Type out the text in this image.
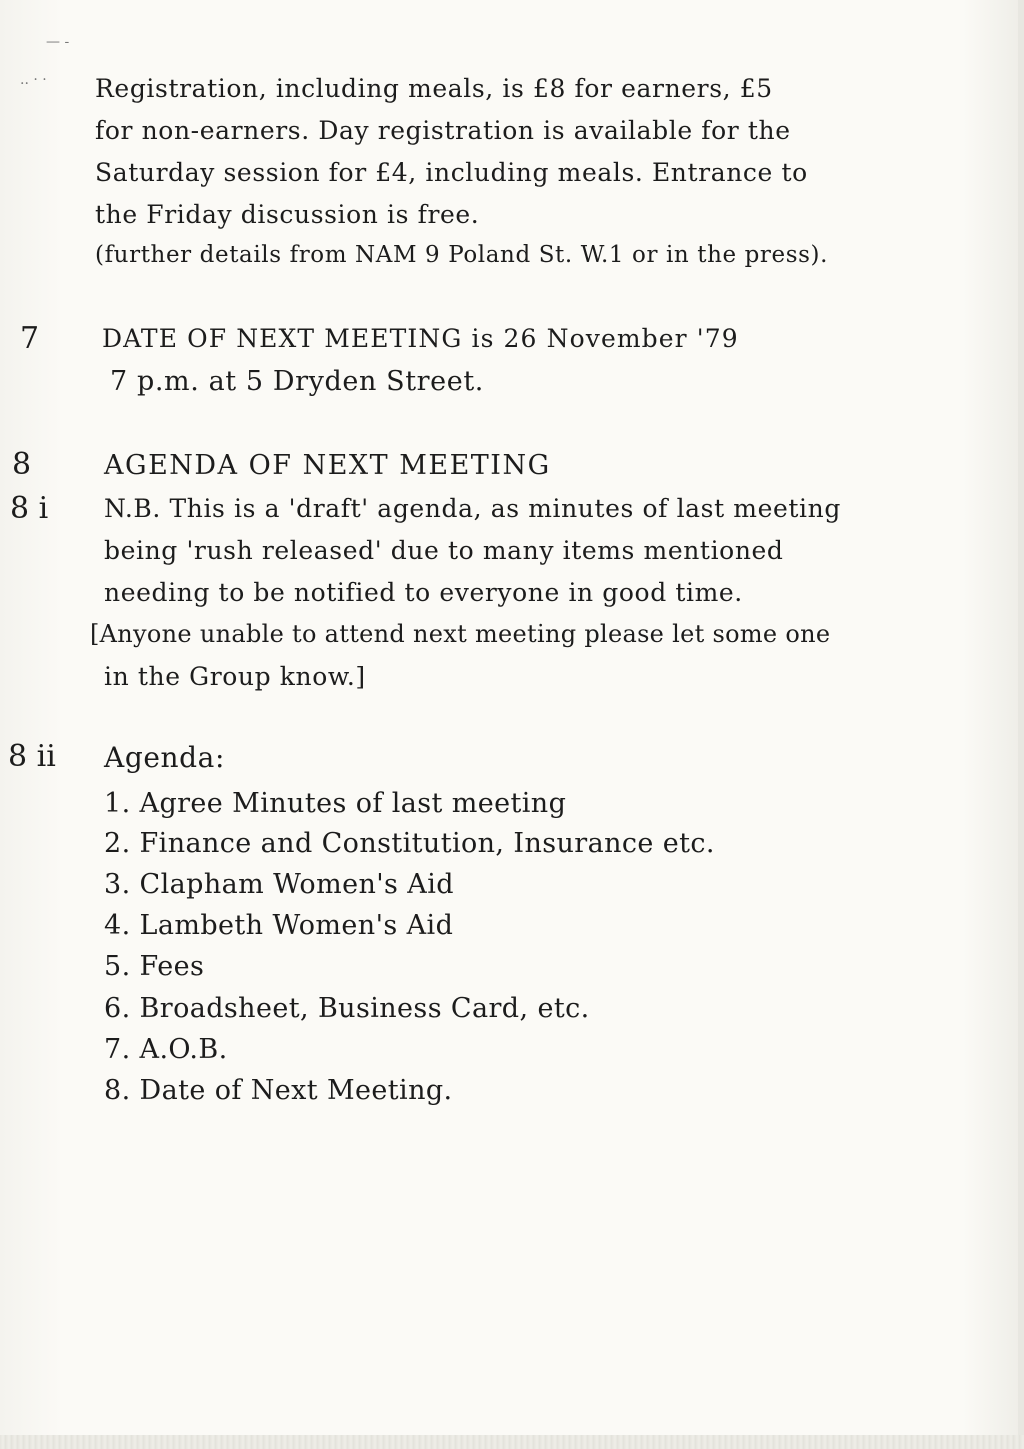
— -
.. · · Registration, including meals, is £8 for earners, £5
for non-earners. Day registration is available for the
Saturday session for £4, including meals. Entrance to
the Friday discussion is free.
(further details from NAM 9 Poland St. W.1 or in the press).
7	DATE OF NEXT MEETING is 26 November '79
7 p.m. at 5 Dryden Street.
8	AGENDA OF NEXT MEETING
8 i N.B. This is a 'draft' agenda, as minutes of last meeting
being 'rush released' due to many items mentioned
needing to be notified to everyone in good time.
[Anyone unable to attend next meeting please let some one
in the Group know.]
8 ii Agenda:
1. Agree Minutes of last meeting
2. Finance and Constitution, Insurance etc.
3. Clapham Women's Aid
4. Lambeth Women's Aid
5. Fees
6. Broadsheet, Business Card, etc.
7. A.O.B.
8. Date of Next Meeting.
